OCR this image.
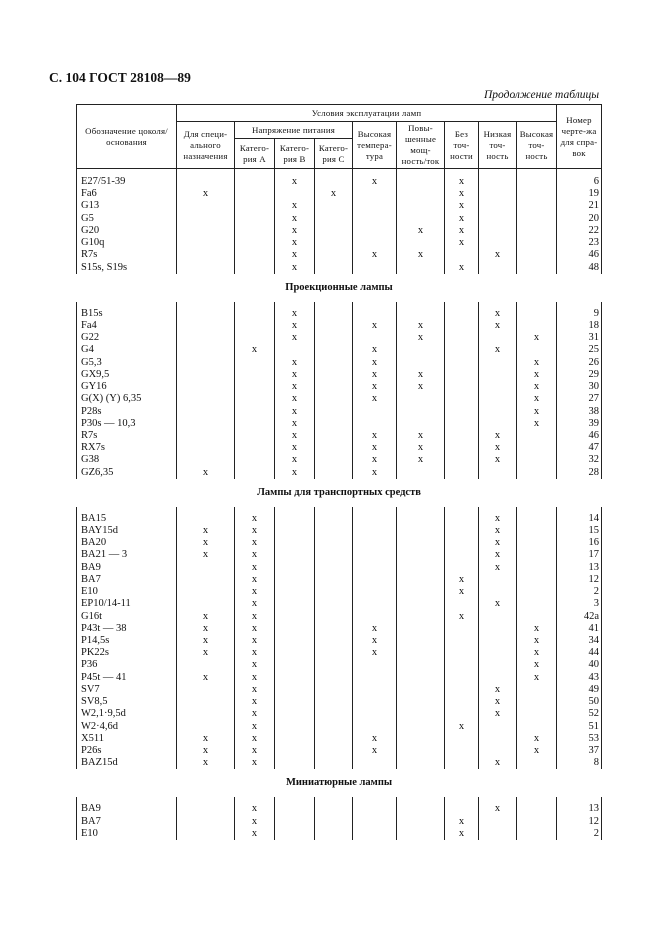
С. 104 ГОСТ 28108—89
Продолжение таблицы
Обозначение цоколя/основания	Условия эксплуатации ламп									Номер черте-жа для спра-вок
	Для специ-ального назначения	Напряжение питания			Высокая темпера-тура	Повы-шенные мощ-ность/ток	Без точ-ности	Низкая точ-ность	Высокая точ-ность	
		Катего-рия А	Катего-рия В	Катего-рия С						

E27/51-39			x		x		x			6
Fa6	x			x			x			19
G13			x				x			21
G5			x				x			20
G20			x			x	x			22
G10q			x				x			23
R7s			x		x	x		x		46
S15s, S19s			x				x			48
Проекционные лампы										

B15s			x					x		9
Fa4			x		x	x		x		18
G22			x			x			x	31
G4		x			x			x		25
G5,3			x		x				x	26
GX9,5			x		x	x			x	29
GY16			x		x	x			x	30
G(X) (Y) 6,35			x		x				x	27
P28s			x						x	38
P30s — 10,3			x						x	39
R7s			x		x	x		x		46
RX7s			x		x	x		x		47
G38			x		x	x		x		32
GZ6,35	x		x		x					28
Лампы для транспортных средств										

BA15		x						x		14
BAY15d	x	x						x		15
BA20	x	x						x		16
BA21 — 3	x	x						x		17
BA9		x						x		13
BA7		x					x			12
E10		x					x			2
EP10/14-11		x						x		3
G16t	x	x					x			42a
P43t — 38	x	x			x				x	41
P14,5s	x	x			x				x	34
PK22s	x	x			x				x	44
P36		x							x	40
P45t — 41	x	x							x	43
SV7		x						x		49
SV8,5		x						x		50
W2,1·9,5d		x						x		52
W2·4,6d		x					x			51
X511	x	x			x				x	53
P26s	x	x			x				x	37
BAZ15d	x	x						x		8
Миниатюрные лампы										

BA9		x						x		13
BA7		x					x			12
E10		x					x			2
